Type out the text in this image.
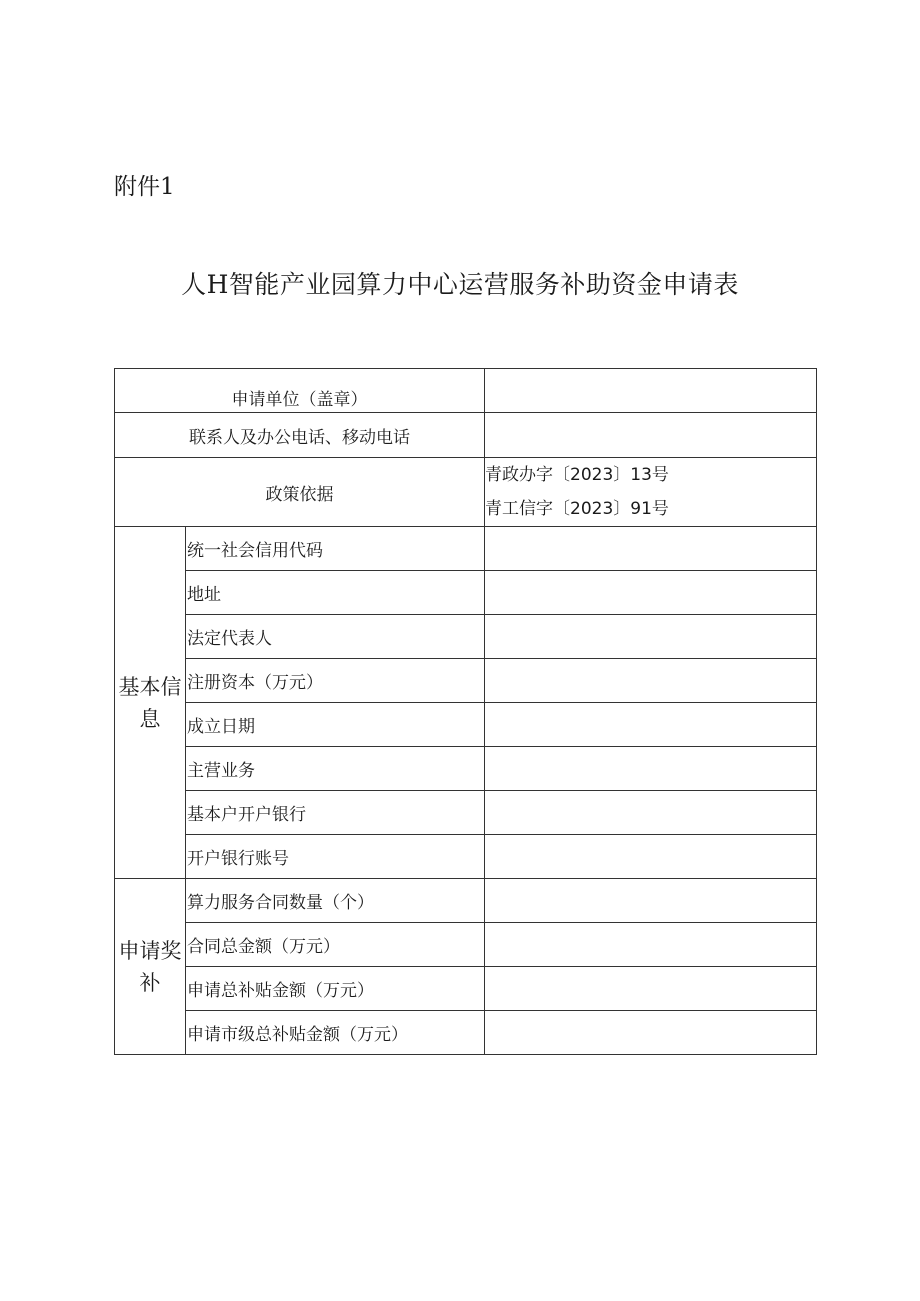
附件1
人H智能产业园算力中心运营服务补助资金申请表
申请单位（盖章）		
联系人及办公电话、移动电话		
政策依据		青政办字〔2023〕13号
青工信字〔2023〕91号

基本信息	统一社会信用代码	
	地址	
	法定代表人	
	注册资本（万元）	
	成立日期	
	主营业务	
	基本户开户银行	
	开户银行账号	
申请奖补	算力服务合同数量（个）	
	合同总金额（万元）	
	申请总补贴金额（万元）	
	申请市级总补贴金额（万元）	
